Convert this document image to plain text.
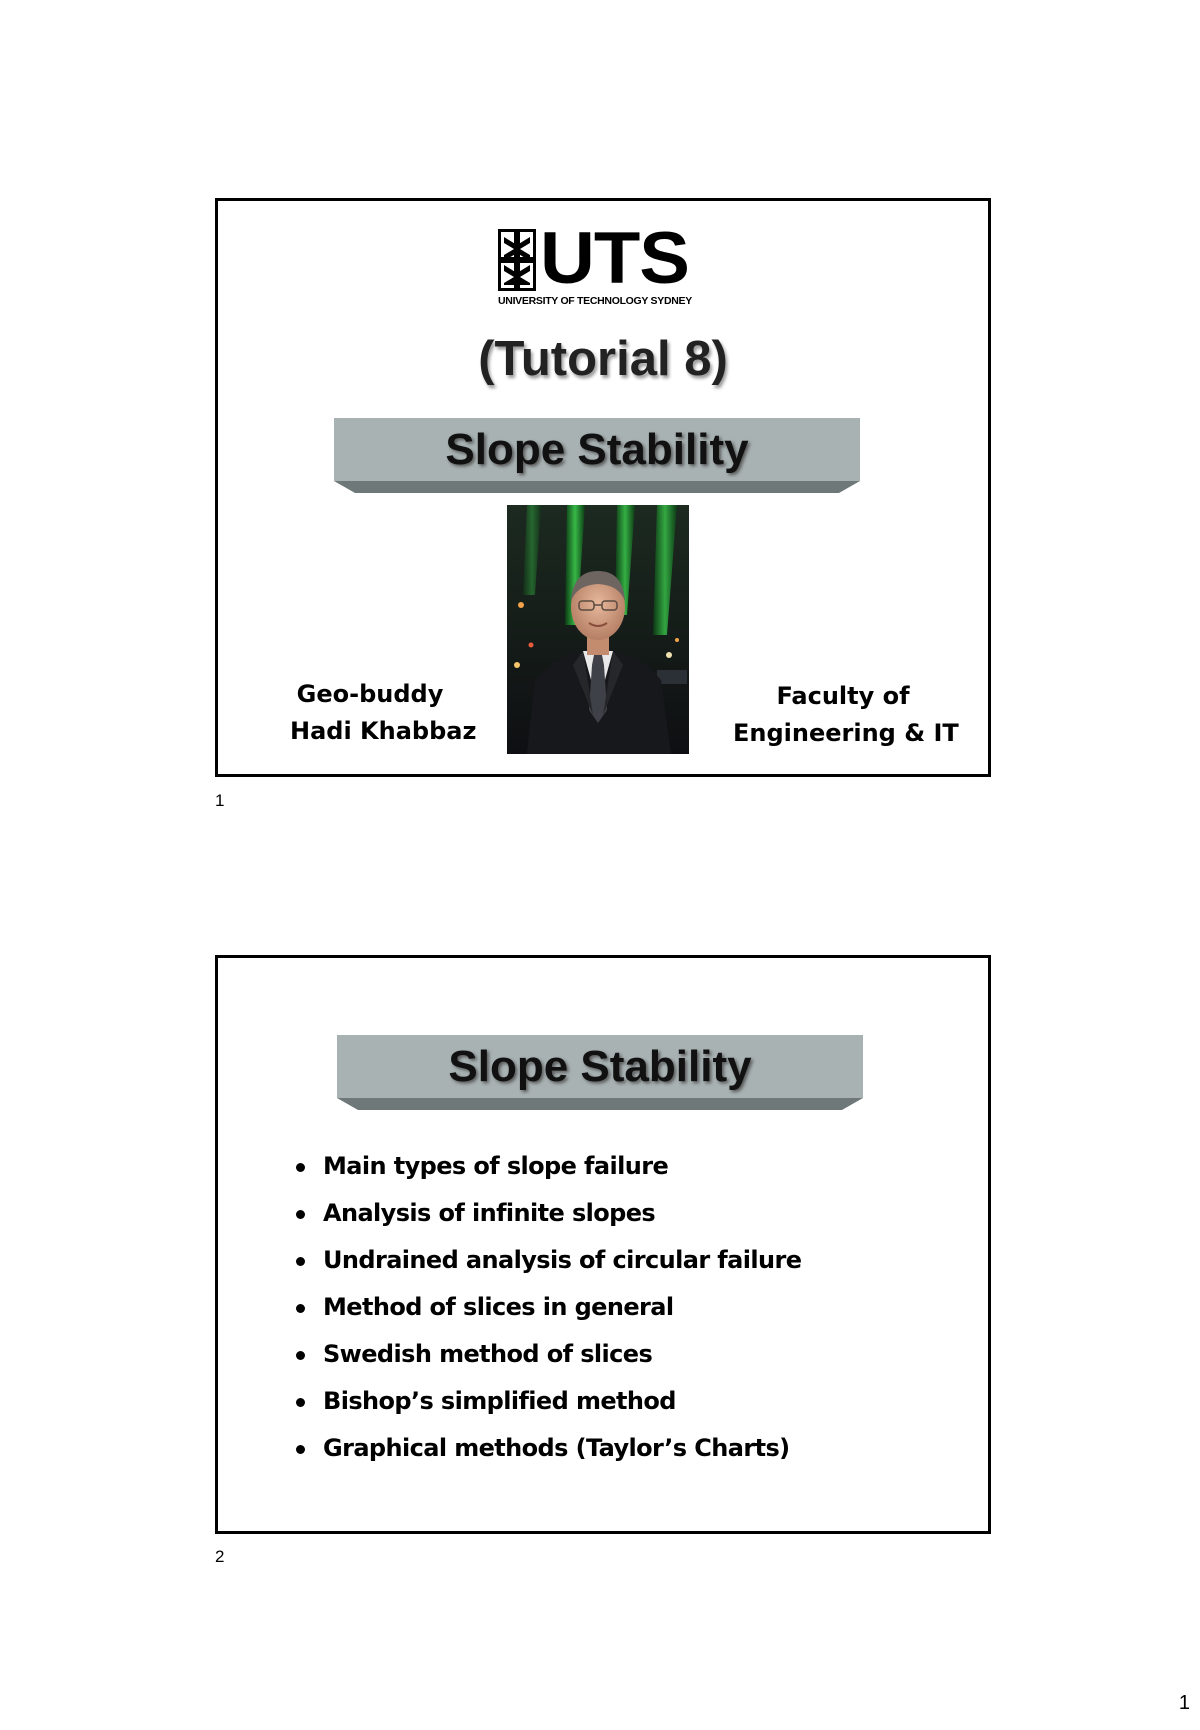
UTS
UNIVERSITY OF TECHNOLOGY SYDNEY
(Tutorial 8)
Slope Stability
Geo-buddy
Hadi Khabbaz
Faculty of
Engineering & IT
1
Slope Stability
Main types of slope failure
Analysis of infinite slopes
Undrained analysis of circular failure
Method of slices in general
Swedish method of slices
Bishop’s simplified method
Graphical methods (Taylor’s Charts)
2
1
